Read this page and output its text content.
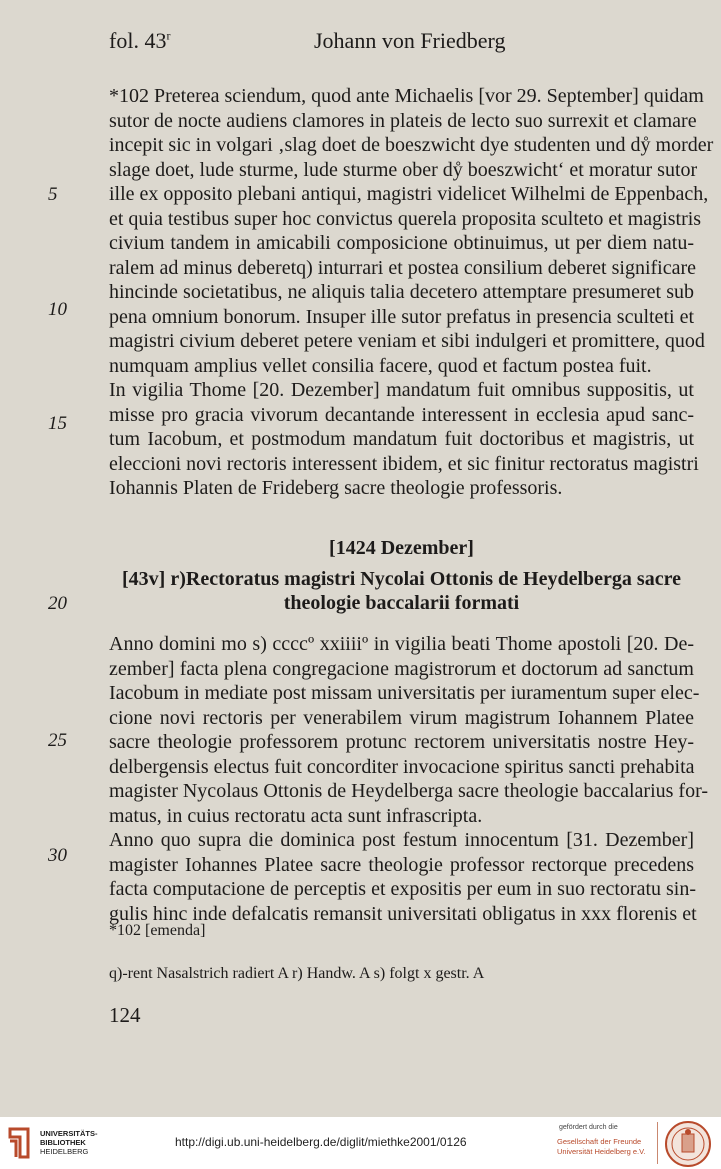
fol. 43$^r$	Johann von Friedberg
*102 Preterea sciendum, quod ante Michaelis [vor 29. September] quidam
sutor de nocte audiens clamores in plateis de lecto suo surrexit et clamare
incepit sic in volgari ‚slag doet de boeszwicht dye studenten und dẙ morder
slage doet, lude sturme, lude sturme ober dẙ boeszwicht‘ et moratur sutor
ille ex opposito plebani antiqui, magistri videlicet Wilhelmi de Eppenbach,
et quia testibus super hoc convictus querela proposita sculteto et magistris
civium tandem in amicabili composicione obtinuimus, ut per diem natu-
ralem ad minus deberetq) inturrari et postea consilium deberet significare
hincinde societatibus, ne aliquis talia decetero attemptare presumeret sub
pena omnium bonorum. Insuper ille sutor prefatus in presencia sculteti et
magistri civium deberet petere veniam et sibi indulgeri et promittere, quod
numquam amplius vellet consilia facere, quod et factum postea fuit.
In vigilia Thome [20. Dezember] mandatum fuit omnibus suppositis, ut
misse pro gracia vivorum decantande interessent in ecclesia apud sanc-
tum Iacobum, et postmodum mandatum fuit doctoribus et magistris, ut
eleccioni novi rectoris interessent ibidem, et sic finitur rectoratus magistri
Iohannis Platen de Frideberg sacre theologie professoris.
5
10
15
20
25
30
[1424 Dezember]
[43v] r)Rectoratus magistri Nycolai Ottonis de Heydelberga sacre
theologie baccalarii formati
Anno domini mo s) ccccº xxiiiiº in vigilia beati Thome apostoli [20. De-
zember] facta plena congregacione magistrorum et doctorum ad sanctum
Iacobum in mediate post missam universitatis per iuramentum super elec-
cione novi rectoris per venerabilem virum magistrum Iohannem Platee
sacre theologie professorem protunc rectorem universitatis nostre Hey-
delbergensis electus fuit concorditer invocacione spiritus sancti prehabita
magister Nycolaus Ottonis de Heydelberga sacre theologie baccalarius for-
matus, in cuius rectoratu acta sunt infrascripta.
Anno quo supra die dominica post festum innocentum [31. Dezember]
magister Iohannes Platee sacre theologie professor rectorque precedens
facta computacione de perceptis et expositis per eum in suo rectoratu sin-
gulis hinc inde defalcatis remansit universitati obligatus in xxx florenis et
*102 [emenda]
q)-rent Nasalstrich radiert A r) Handw. A s) folgt x gestr. A
124
UNIVERSITÄTS-
BIBLIOTHEK
HEIDELBERG
http://digi.ub.uni-heidelberg.de/diglit/miethke2001/0126
gefördert durch die
Gesellschaft der Freunde
Universität Heidelberg e.V.
